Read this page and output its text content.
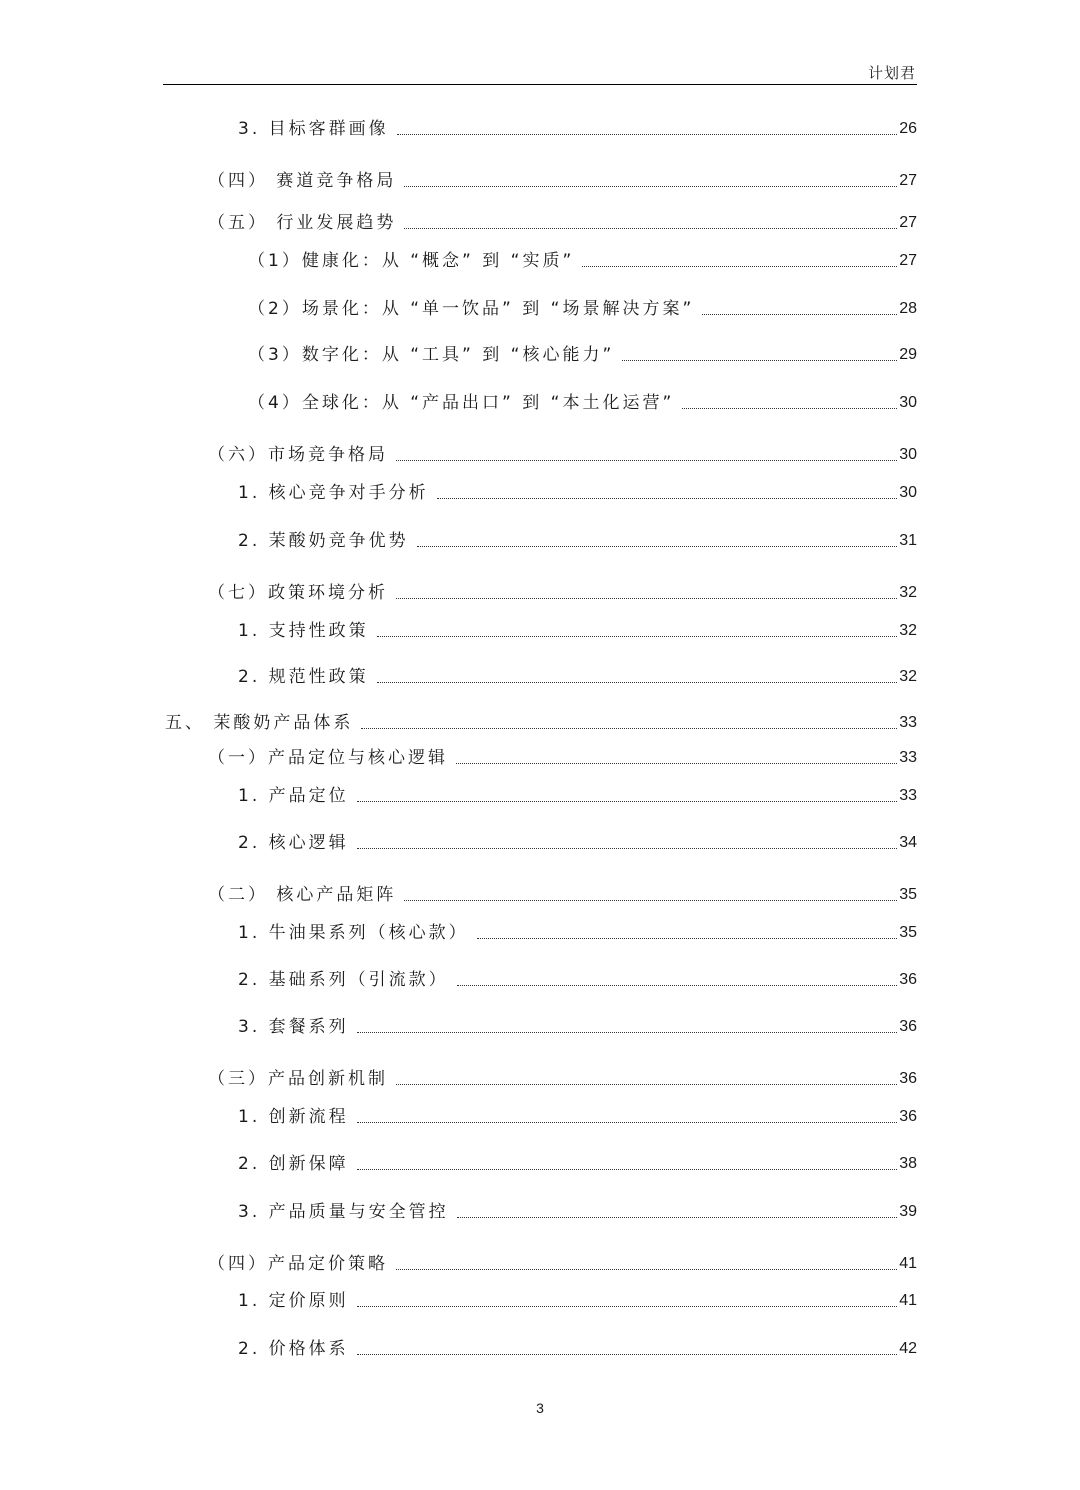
计划君
3. 目标客群画像	26
（四） 赛道竞争格局	27
（五） 行业发展趋势	27
（1）健康化：从 “概念” 到 “实质”	27
（2）场景化：从 “单一饮品” 到 “场景解决方案”	28
（3）数字化：从 “工具” 到 “核心能力”	29
（4）全球化：从 “产品出口” 到 “本土化运营”	30
（六）市场竞争格局	30
1. 核心竞争对手分析	30
2. 茉酸奶竞争优势	31
（七）政策环境分析	32
1. 支持性政策	32
2. 规范性政策	32
五、 茉酸奶产品体系	33
（一）产品定位与核心逻辑	33
1. 产品定位	33
2. 核心逻辑	34
（二） 核心产品矩阵	35
1. 牛油果系列（核心款）	35
2. 基础系列（引流款）	36
3. 套餐系列	36
（三）产品创新机制	36
1. 创新流程	36
2. 创新保障	38
3. 产品质量与安全管控	39
（四）产品定价策略	41
1. 定价原则	41
2. 价格体系	42
3
